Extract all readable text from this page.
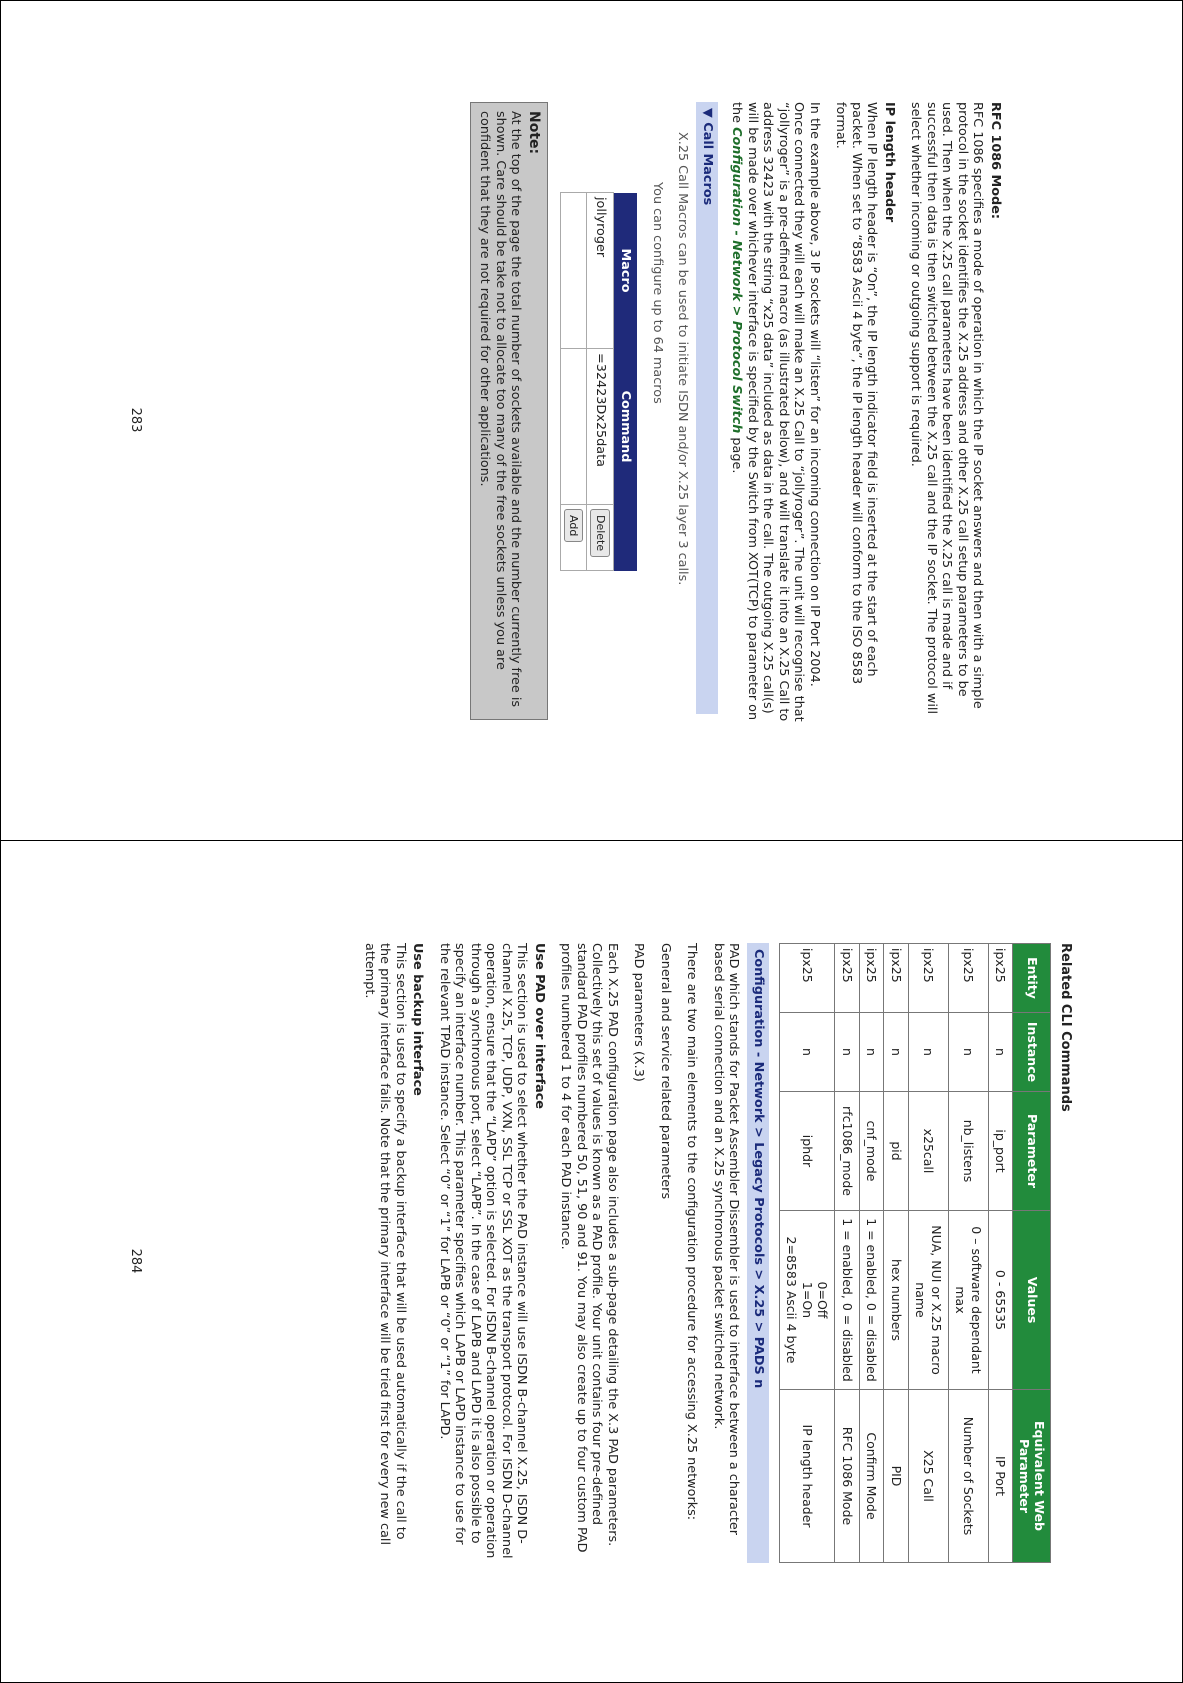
RFC 1086 Mode:

RFC 1086 specifies a mode of operation in which the IP socket answers and then with a simple protocol in the socket identifies the X.25 address and other X.25 call setup parameters to be used. Then when the X.25 call parameters have been identified the X.25 call is made and if successful then data is then switched between the X.25 call and the IP socket. The protocol will select whether incoming or outgoing support is required.

IP length header

When IP length header is “On”, the IP length indicator field is inserted at the start of each packet. When set to “8583 Ascii 4 byte”, the IP length header will conform to the ISO 8583 format.

In the example above, 3 IP sockets will “listen” for an incoming connection on IP Port 2004. Once connected they will each will make an X.25 Call to “jollyroger”. The unit will recognise that “jollyroger” is a pre-defined macro (as illustrated below), and will translate it into an X.25 Call to address 32423 with the string “x25 data” included as data in the call. The outgoing X.25 call(s) will be made over whichever interface is specified by the Switch from XOT(TCP) to parameter on the Configuration - Network > Protocol Switch page.

▼ Call Macros
X.25 Call Macros can be used to initiate ISDN and/or X.25 layer 3 calls.
You can configure up to 64 macros
Macro	Command	
jollyroger	=32423Dx25data	Delete
		Add
Note:
At the top of the page the total number of sockets available and the number currently free is shown. Care should be take not to allocate too many of the free sockets unless you are confident that they are not required for other applications.
283
Related CLI Commands
Entity	Instance	Parameter	Values	Equivalent Web Parameter
ipx25	n	ip_port	0 - 65535	IP Port
ipx25	n	nb_listens	0 – software dependant max	Number of Sockets
ipx25	n	x25call	NUA, NUI or X.25 macro name	X25 Call
ipx25	n	pid	hex numbers	PID
ipx25	n	cnf_mode	1 = enabled, 0 = disabled	Confirm Mode
ipx25	n	rfc1086_mode	1 = enabled, 0 = disabled	RFC 1086 Mode
ipx25	n	iphdr	0=Off
1=On
2=8583 Ascii 4 byte	IP length header
Configuration - Network > Legacy Protocols > X.25 > PADS n

PAD which stands for Packet Assembler Dissembler is used to interface between a character based serial connection and an X.25 synchronous packet switched network.

There are two main elements to the configuration procedure for accessing X.25 networks:

General and service related parameters

PAD parameters (X.3)

Each X.25 PAD configuration page also includes a sub-page detailing the X.3 PAD parameters. Collectively this set of values is known as a PAD profile. Your unit contains four pre-defined standard PAD profiles numbered 50, 51, 90 and 91. You may also create up to four custom PAD profiles numbered 1 to 4 for each PAD instance.

Use PAD over interface

This section is used to select whether the PAD instance will use ISDN B-channel X.25, ISDN D-channel X.25, TCP, UDP, VXN, SSL TCP or SSL XOT as the transport protocol. For ISDN D-channel operation, ensure that the “LAPD” option is selected. For ISDN B-channel operation or operation through a synchronous port, select “LAPB”. In the case of LAPB and LAPD it is also possible to specify an interface number. This parameter specifies which LAPB or LAPD instance to use for the relevant TPAD instance. Select “0” or “1” for LAPB or “0” or “1” for LAPD.

Use backup interface

This section is used to specify a backup interface that will be used automatically if the call to the primary interface fails. Note that the primary interface will be tried first for every new call attempt.

284
